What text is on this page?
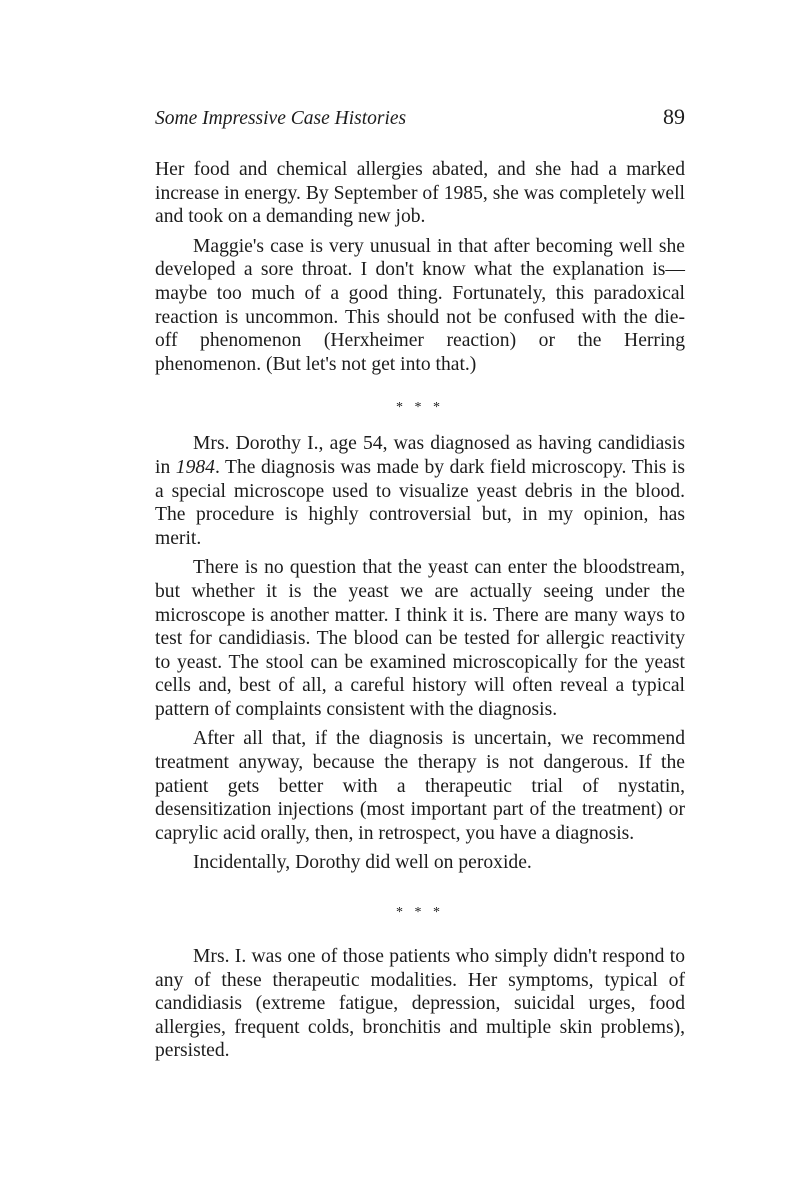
Some Impressive Case Histories	89

Her food and chemical allergies abated, and she had a marked increase in energy. By September of 1985, she was completely well and took on a demanding new job.

Maggie's case is very unusual in that after becoming well she developed a sore throat. I don't know what the explanation is—maybe too much of a good thing. Fortunately, this paradoxical reaction is uncommon. This should not be confused with the die-off phenomenon (Herxheimer reaction) or the Herring phenomenon. (But let's not get into that.)

* * *

Mrs. Dorothy I., age 54, was diagnosed as having candidiasis in 1984. The diagnosis was made by dark field microscopy. This is a special microscope used to visualize yeast debris in the blood. The procedure is highly controversial but, in my opinion, has merit.

There is no question that the yeast can enter the bloodstream, but whether it is the yeast we are actually seeing under the microscope is another matter. I think it is. There are many ways to test for candidiasis. The blood can be tested for allergic reactivity to yeast. The stool can be examined microscopically for the yeast cells and, best of all, a careful history will often reveal a typical pattern of complaints consistent with the diagnosis.

After all that, if the diagnosis is uncertain, we recommend treatment anyway, because the therapy is not dangerous. If the patient gets better with a therapeutic trial of nystatin, desensitization injections (most important part of the treatment) or caprylic acid orally, then, in retrospect, you have a diagnosis.

Incidentally, Dorothy did well on peroxide.

* * *

Mrs. I. was one of those patients who simply didn't respond to any of these therapeutic modalities. Her symptoms, typical of candidiasis (extreme fatigue, depression, suicidal urges, food allergies, frequent colds, bronchitis and multiple skin problems), persisted.
